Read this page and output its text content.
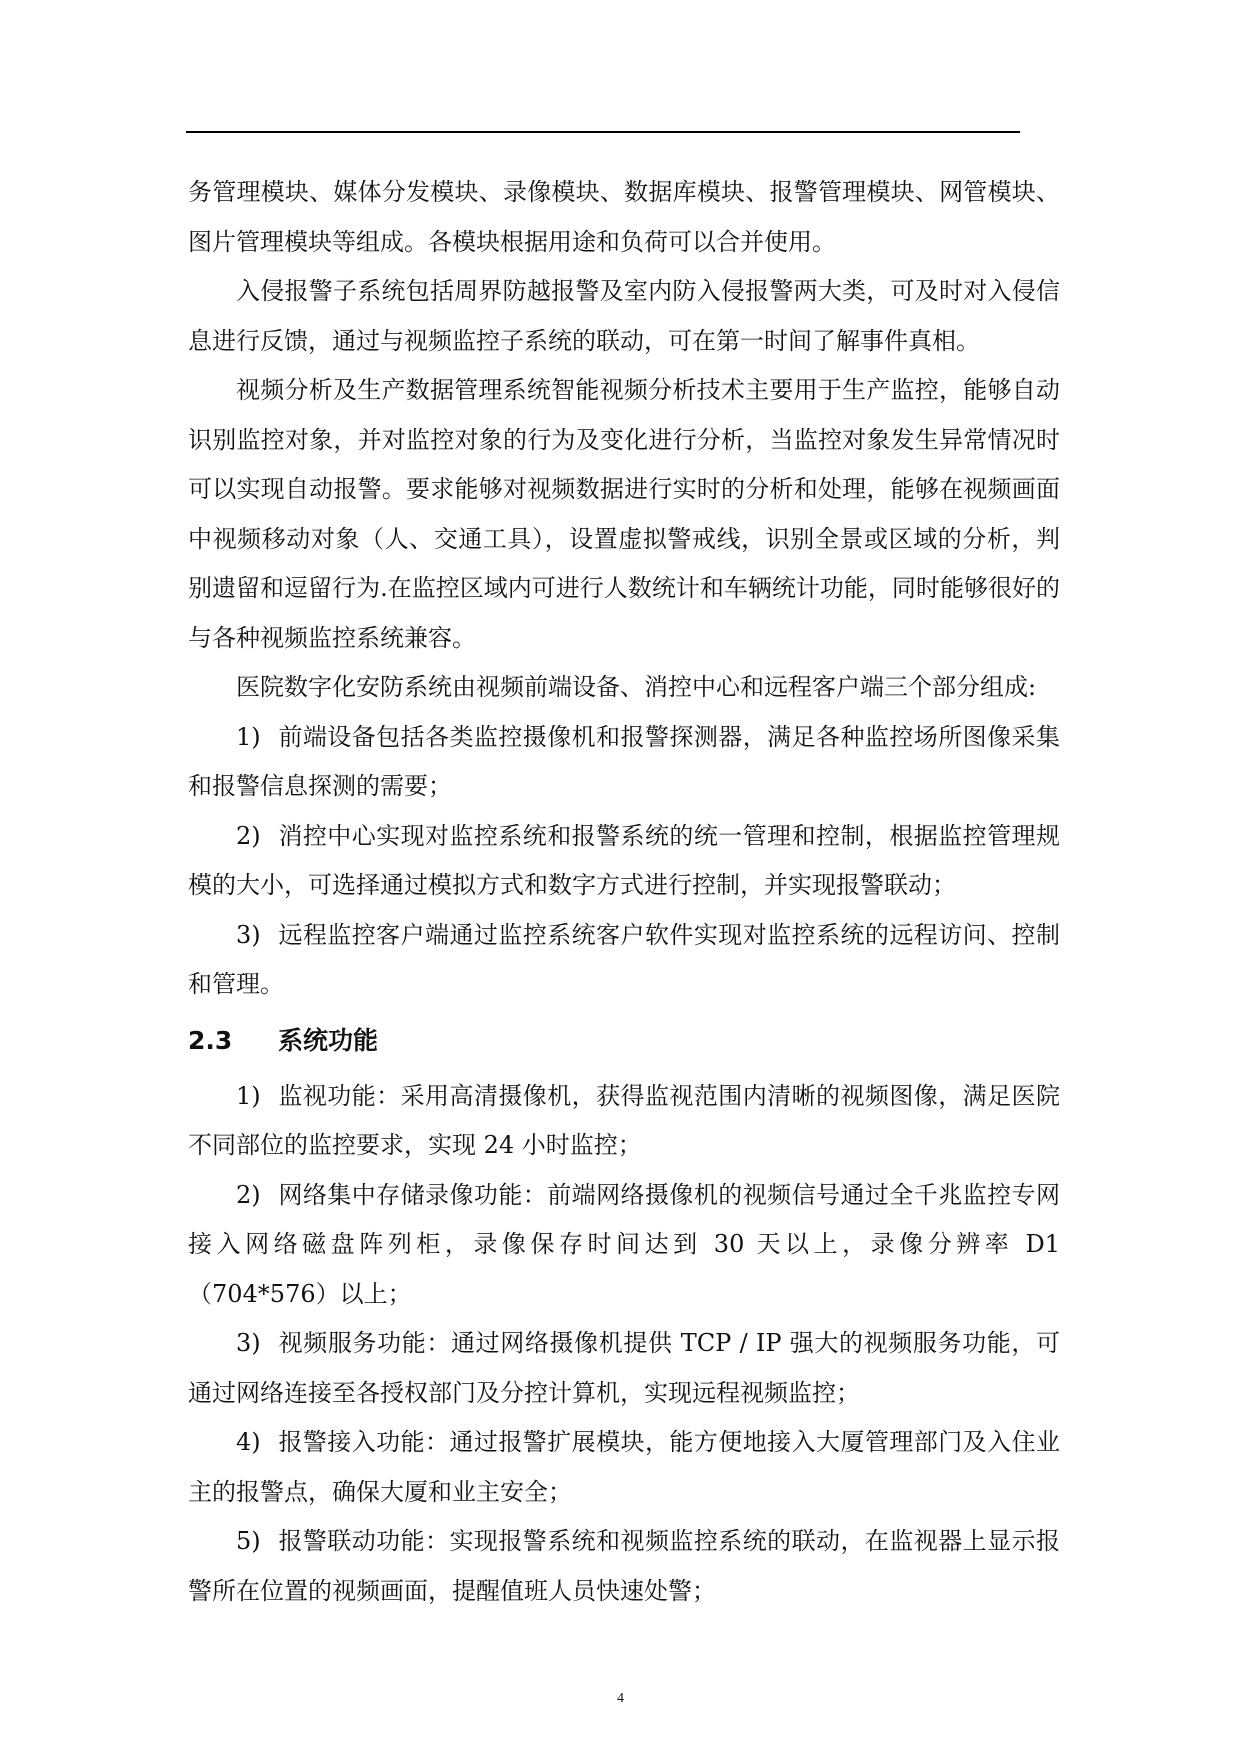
务管理模块、媒体分发模块、录像模块、数据库模块、报警管理模块、网管模块、图片管理模块等组成。各模块根据用途和负荷可以合并使用。

入侵报警子系统包括周界防越报警及室内防入侵报警两大类，可及时对入侵信息进行反馈，通过与视频监控子系统的联动，可在第一时间了解事件真相。

视频分析及生产数据管理系统智能视频分析技术主要用于生产监控，能够自动识别监控对象，并对监控对象的行为及变化进行分析，当监控对象发生异常情况时可以实现自动报警。要求能够对视频数据进行实时的分析和处理，能够在视频画面中视频移动对象（人、交通工具），设置虚拟警戒线，识别全景或区域的分析，判别遗留和逗留行为.在监控区域内可进行人数统计和车辆统计功能，同时能够很好的与各种视频监控系统兼容。

医院数字化安防系统由视频前端设备、消控中心和远程客户端三个部分组成:

1) 前端设备包括各类监控摄像机和报警探测器，满足各种监控场所图像采集和报警信息探测的需要；

2) 消控中心实现对监控系统和报警系统的统一管理和控制，根据监控管理规模的大小，可选择通过模拟方式和数字方式进行控制，并实现报警联动；

3) 远程监控客户端通过监控系统客户软件实现对监控系统的远程访问、控制和管理。

2.3 系统功能

1) 监视功能：采用高清摄像机，获得监视范围内清晰的视频图像，满足医院不同部位的监控要求，实现 24 小时监控；

2) 网络集中存储录像功能：前端网络摄像机的视频信号通过全千兆监控专网接入网络磁盘阵列柜，录像保存时间达到 30 天以上，录像分辨率 D1（704*576）以上；

3) 视频服务功能：通过网络摄像机提供 TCP / IP 强大的视频服务功能，可通过网络连接至各授权部门及分控计算机，实现远程视频监控；

4) 报警接入功能：通过报警扩展模块，能方便地接入大厦管理部门及入住业主的报警点，确保大厦和业主安全；

5) 报警联动功能：实现报警系统和视频监控系统的联动，在监视器上显示报警所在位置的视频画面，提醒值班人员快速处警；

4
